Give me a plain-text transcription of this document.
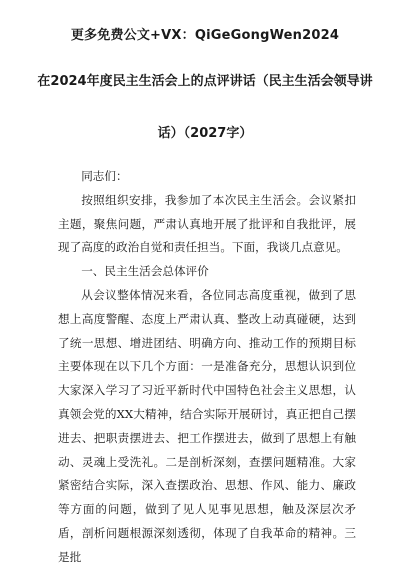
更多免费公文+VX：QiGeGongWen2024
在2024年度民主生活会上的点评讲话（民主生活会领导讲
话）（2027字）

同志们：

按照组织安排，我参加了本次民主生活会。会议紧扣主题，聚焦问题，严肃认真地开展了批评和自我批评，展现了高度的政治自觉和责任担当。下面，我谈几点意见。

一、民主生活会总体评价

从会议整体情况来看，各位同志高度重视，做到了思想上高度警醒、态度上严肃认真、整改上动真碰硬，达到了统一思想、增进团结、明确方向、推动工作的预期目标主要体现在以下几个方面：一是准备充分，思想认识到位大家深入学习了习近平新时代中国特色社会主义思想，认真领会党的XX大精神，结合实际开展研讨，真正把自己摆进去、把职责摆进去、把工作摆进去，做到了思想上有触动、灵魂上受洗礼。二是剖析深刻，查摆问题精准。大家紧密结合实际，深入查摆政治、思想、作风、能力、廉政等方面的问题，做到了见人见事见思想，触及深层次矛盾，剖析问题根源深刻透彻，体现了自我革命的精神。三是批
